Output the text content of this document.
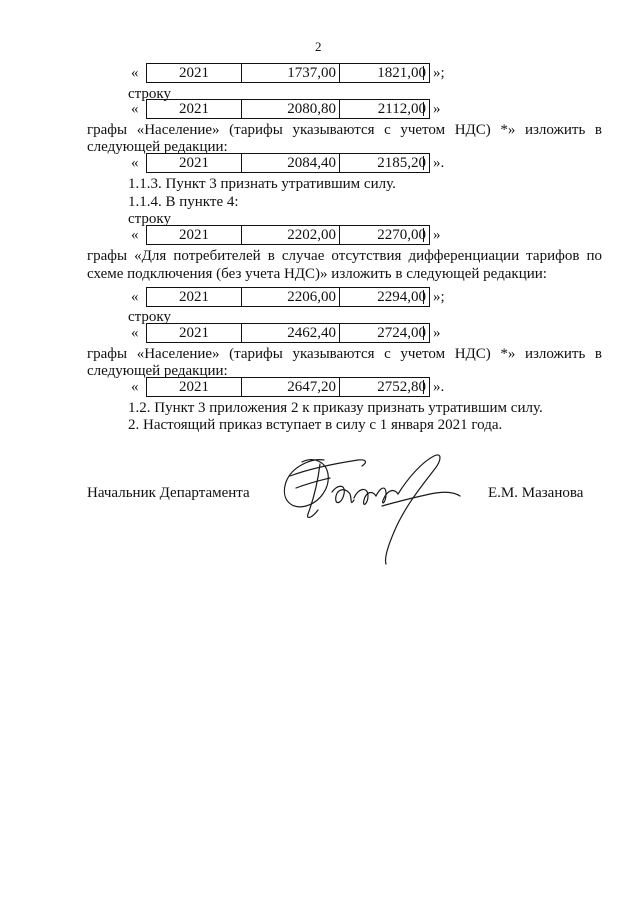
2
«	2021	1737,00	1821,00 »;
строку
«	2021	2080,80	2112,00 »
графы «Население» (тарифы указываются с учетом НДС) *» изложить в
следующей редакции:
«	2021	2084,40	2185,20 ».
1.1.3. Пункт 3 признать утратившим силу.
1.1.4. В пункте 4:
строку
«	2021	2202,00	2270,00 »
графы «Для потребителей в случае отсутствия дифференциации тарифов по
схеме подключения (без учета НДС)» изложить в следующей редакции:
«	2021	2206,00	2294,00 »;
строку
«	2021	2462,40	2724,00 »
графы «Население» (тарифы указываются с учетом НДС) *» изложить в
следующей редакции:
«	2021	2647,20	2752,80 ».
1.2. Пункт 3 приложения 2 к приказу признать утратившим силу.
2. Настоящий приказ вступает в силу с 1 января 2021 года.
Начальник Департамента	Е.М. Мазанова
